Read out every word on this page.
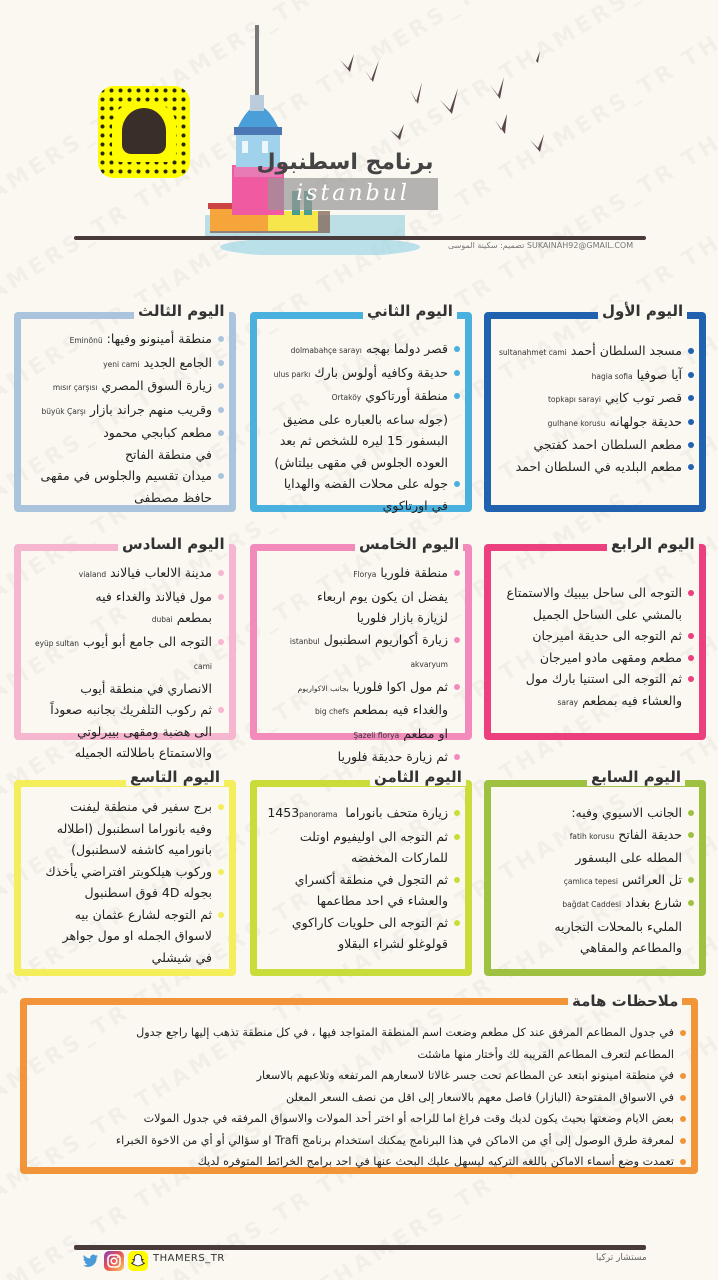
برنامج اسطنبول
istanbul
تصميم: سكينة الموسى SUKAINAH92@GMAIL.COM
اليوم الأول
مسجد السلطان أحمدsultanahmet cami
آيا صوفياhagia sofia
قصر توب كابيtopkapı sarayi
حديقة جولهانهgulhane korusu
مطعم السلطان احمد كفتجي
مطعم البلديه في السلطان احمد
اليوم الثاني
قصر دولما بهجهdolmabahçe sarayı
حديقة وكافيه أولوس باركulus parkı
منطقة أورتاكويOrtaköy
(جوله ساعه بالعباره على مضيق
البسفور 15 ليره للشخص ثم بعد
العوده الجلوس في مقهى بيلتاش)
جوله على محلات الفضه والهدايا
في اورتاكوي
اليوم الثالث
منطقة أمينونو وفيها:Eminönü
الجامع الجديدyeni cami
زيارة السوق المصريmısır çarşısı
وقريب منهم جراند بازارbüyük Çarşı
مطعم كبابجي محمود
في منطقة الفاتح
ميدان تقسيم والجلوس في مقهى
حافظ مصطفى
اليوم الرابع
التوجه الى ساحل بيبيك والاستمتاع
بالمشي على الساحل الجميل
ثم التوجه الى حديقة اميرجان
مطعم ومقهى مادو اميرجان
ثم التوجه الى استنيا بارك مول
والعشاء فيه بمطعمsaray
اليوم الخامس
منطقة فلورياFlorya
يفضل ان يكون يوم اربعاء
لزيارة بازار فلوريا
زيارة أكواريوم اسطنبولistanbul akvaryum
ثم مول اكوا فلوريابجانب الاكواريوم
والغداء فيه بمطعمbig chefs
او مطعمŞazeli florya
ثم زيارة حديقة فلوريا
اليوم السادس
مدينة الالعاب فيالاندvialand
مول فيالاند والغداء فيه
بمطعمdubai
التوجه الى جامع أبو أيوبeyüp sultan cami
الانصاري في منطقة أيوب
ثم ركوب التلفريك بجانبه صعوداً
الى هضبة ومقهى بييرلوتي
والاستمتاع باطلالته الجميله
اليوم السابع
الجانب الاسيوي وفيه:
حديقة الفاتحfatih korusu
المطله على البسفور
تل العرائسçamlıca tepesi
شارع بغدادbağdat Caddesi
المليء بالمحلات التجاريه
والمطاعم والمقاهي
اليوم الثامن
زيارة متحف بانوراما 1453panorama
ثم التوجه الى اوليفيوم اوتلت
للماركات المخفضه
ثم التجول في منطقة أكسراي
والعشاء في احد مطاعمها
ثم التوجه الى حلويات كاراكوي
قولوغلو لشراء البقلاو
اليوم التاسع
برج سفير في منطقة ليفنت
وفيه بانوراما اسطنبول (اطلاله
بانوراميه كاشفه لاسطنبول)
وركوب هيلكوبتر افتراضي يأخذك
بجوله 4D فوق اسطنبول
ثم التوجه لشارع عثمان بيه
لاسواق الجمله او مول جواهر
في شيشلي
ملاحظات هامة
في جدول المطاعم المرفق عند كل مطعم وضعت اسم المنطقة المتواجد فيها ، في كل منطقة تذهب إليها راجع جدول
المطاعم لتعرف المطاعم القريبه لك وأختار منها ماشئت
في منطقة امينونو ابتعد عن المطاعم تحت جسر غالاتا لاسعارهم المرتفعه وتلاعبهم بالاسعار
في الاسواق المفتوحة (البازار) فاصل معهم بالاسعار إلى اقل من نصف السعر المعلن
بعض الايام وضعتها بحيث يكون لديك وقت فراغ اما للراحه أو اختر أحد المولات والاسواق المرفقه في جدول المولات
لمعرفة طرق الوصول إلى أي من الاماكن في هذا البرنامج يمكنك استخدام برنامج Trafi او سؤالي أو أي من الاخوة الخبراء
تعمدت وضع أسماء الاماكن باللغه التركيه ليسهل عليك البحث عنها في احد برامج الخرائط المتوفره لديك
THAMERS_TR	مستشار تركيا
